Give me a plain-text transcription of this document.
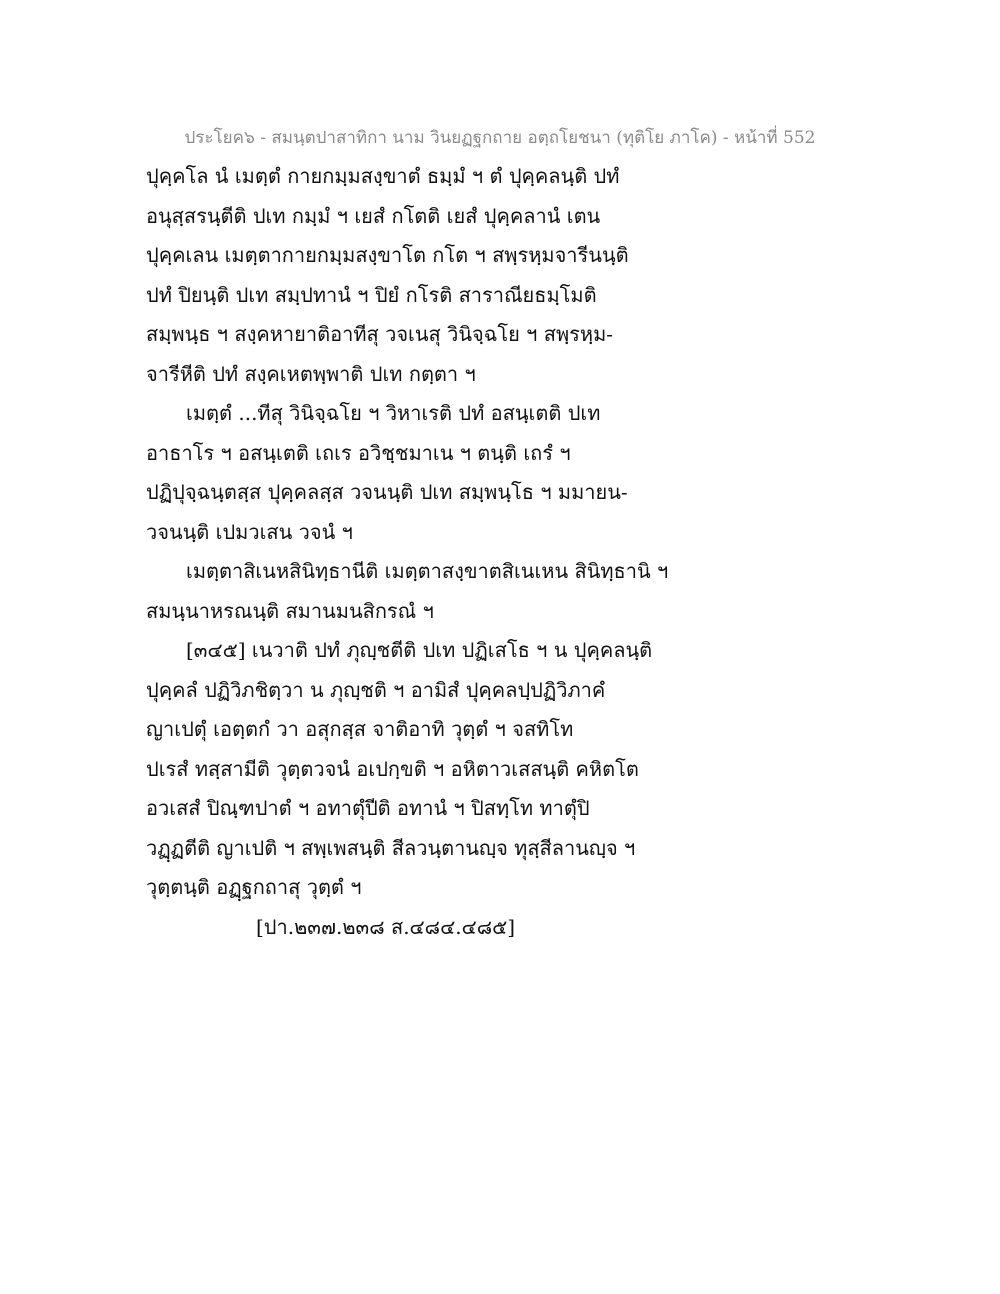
ประโยค๖ - สมนฺตปาสาทิกา นาม วินยฏฐกถาย อตฺถโยชนา (ทุติโย ภาโค) - หน้าที่ 552
ปุคฺคโล นํ เมตฺตํ กายกมฺมสงฺขาตํ ธมฺมํ ฯ ตํ ปุคฺคลนฺติ ปทํ
อนุสฺสรนฺตีติ ปเท กมฺมํ ฯ เยสํ กโตติ เยสํ ปุคฺคลานํ เตน
ปุคฺคเลน เมตฺตากายกมฺมสงฺขาโต กโต ฯ สพฺรหฺมจารีนนฺติ
ปทํ ปิยนฺติ ปเท สมฺปทานํ ฯ ปิยํ กโรติ สาราณียธมฺโมติ
สมฺพนฺธ ฯ สงฺคหายาติอาทีสุ วจเนสุ วินิจฺฉโย ฯ สพฺรหฺม-
จารีหีติ ปทํ สงฺคเหตพฺพาติ ปเท กตฺตา ฯ
เมตฺตํ ...ทีสุ วินิจฺฉโย ฯ วิหาเรติ ปทํ อสนฺเตติ ปเท
อาธาโร ฯ อสนฺเตติ เถเร อวิชฺชมาเน ฯ ตนฺติ เถรํ ฯ
ปฏิปุจฺฉนฺตสฺส ปุคฺคลสฺส วจนนฺติ ปเท สมฺพนฺโธ ฯ มมายน-
วจนนฺติ เปมวเสน วจนํ ฯ
เมตฺตาสิเนหสินิทฺธานีติ เมตฺตาสงฺขาตสิเนเหน สินิทฺธานิ ฯ
สมนฺนาหรณนฺติ สมานมนสิกรณํ ฯ
[๓๔๕] เนวาติ ปทํ ภุญฺชตีติ ปเท ปฏิเสโธ ฯ น ปุคฺคลนฺติ
ปุคฺคลํ ปฏิวิภชิตฺวา น ภุญฺชติ ฯ อามิสํ ปุคฺคลปฺปฏิวิภาคํ
ญาเปตุํ เอตฺตกํ วา อสุกสฺส จาติอาทิ วุตฺตํ ฯ จสทิโท
ปเรสํ ทสฺสามีติ วุตฺตวจนํ อเปกฺขติ ฯ อหิตาวเสสนฺติ คหิตโต
อวเสสํ ปิณฺฑปาตํ ฯ อทาตุํปีติ อทานํ ฯ ปิสทฺโท ทาตุํปิ
วฏฺฏตีติ ญาเปติ ฯ สพฺเพสนฺติ สีลวนฺตานญฺจ ทุสฺสีลานญฺจ ฯ
วุตฺตนฺติ อฏฺฐกถาสุ วุตฺตํ ฯ
[ปา.๒๓๗.๒๓๘ ส.๔๘๔.๔๘๕]
